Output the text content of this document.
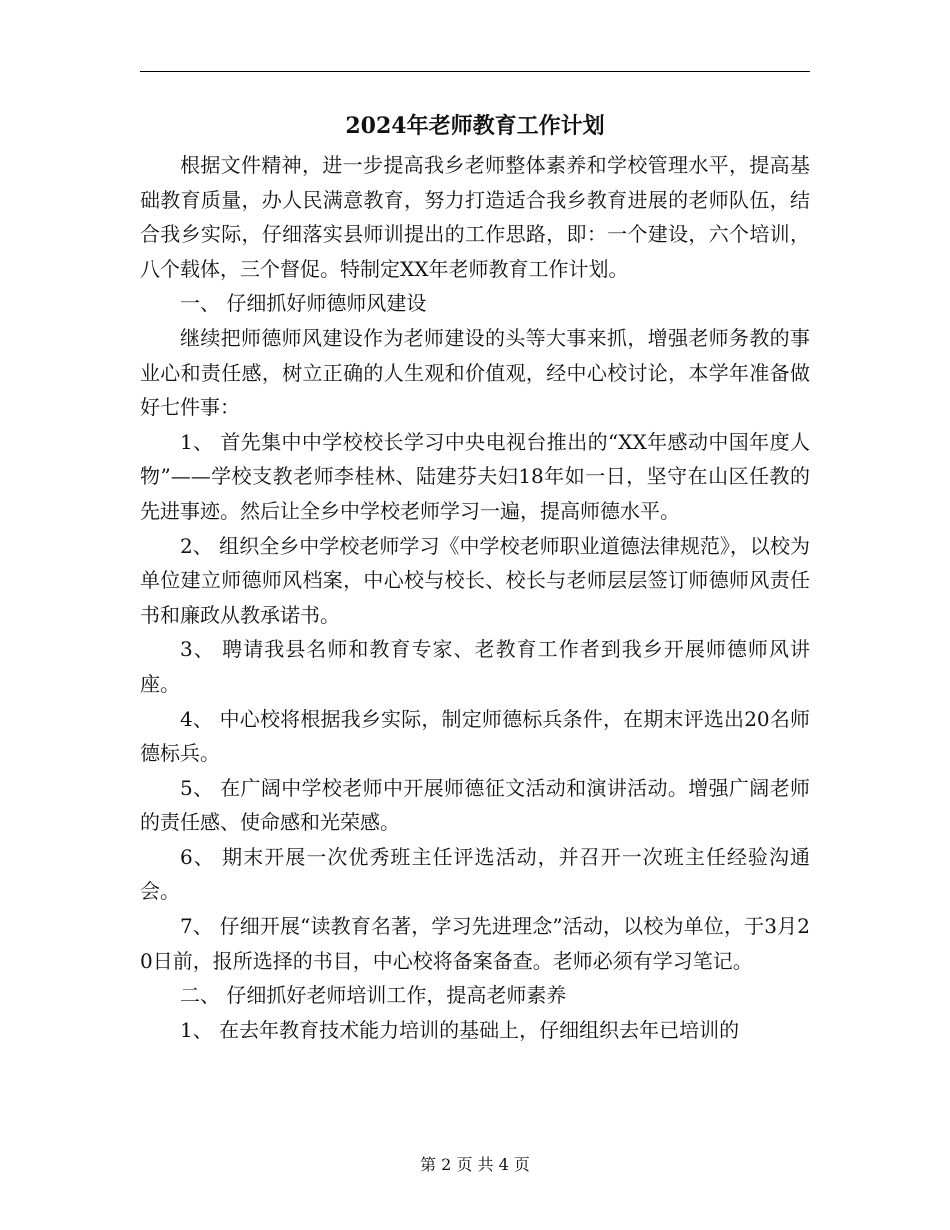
2024年老师教育工作计划

根据文件精神，进一步提高我乡老师整体素养和学校管理水平，提高基础教育质量，办人民满意教育，努力打造适合我乡教育进展的老师队伍，结合我乡实际，仔细落实县师训提出的工作思路，即：一个建设，六个培训，八个载体，三个督促。特制定XX年老师教育工作计划。

一、 仔细抓好师德师风建设

继续把师德师风建设作为老师建设的头等大事来抓，增强老师务教的事业心和责任感，树立正确的人生观和价值观，经中心校讨论，本学年准备做好七件事：

1、 首先集中中学校校长学习中央电视台推出的“XX年感动中国年度人物”——学校支教老师李桂林、陆建芬夫妇18年如一日，坚守在山区任教的先进事迹。然后让全乡中学校老师学习一遍，提高师德水平。

2、 组织全乡中学校老师学习《中学校老师职业道德法律规范》，以校为单位建立师德师风档案，中心校与校长、校长与老师层层签订师德师风责任书和廉政从教承诺书。

3、 聘请我县名师和教育专家、老教育工作者到我乡开展师德师风讲座。

4、 中心校将根据我乡实际，制定师德标兵条件，在期末评选出20名师德标兵。

5、 在广阔中学校老师中开展师德征文活动和演讲活动。增强广阔老师的责任感、使命感和光荣感。

6、 期末开展一次优秀班主任评选活动，并召开一次班主任经验沟通会。

7、 仔细开展“读教育名著，学习先进理念”活动，以校为单位，于3月20日前，报所选择的书目，中心校将备案备查。老师必须有学习笔记。

二、 仔细抓好老师培训工作，提高老师素养

1、 在去年教育技术能力培训的基础上，仔细组织去年已培训的

第 2 页 共 4 页
